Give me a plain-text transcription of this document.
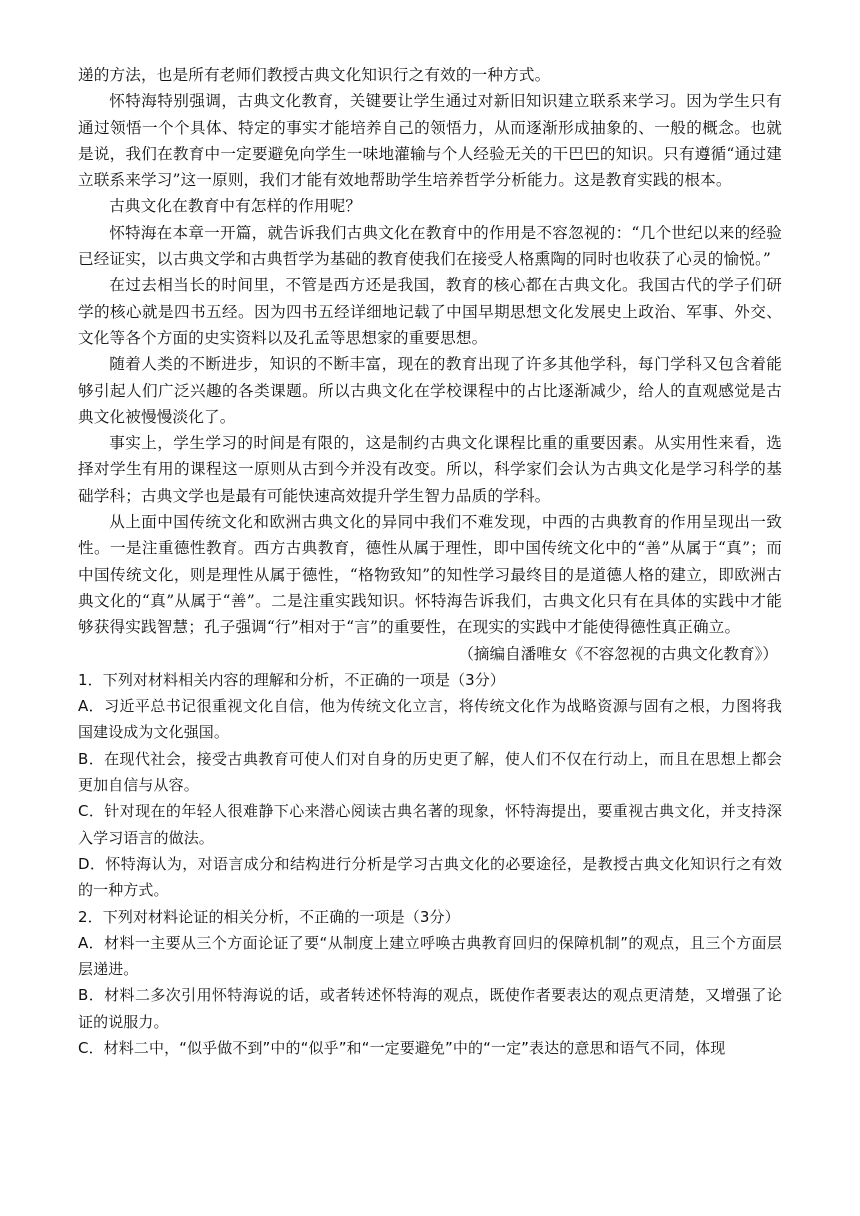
递的方法，也是所有老师们教授古典文化知识行之有效的一种方式。

怀特海特别强调，古典文化教育，关键要让学生通过对新旧知识建立联系来学习。因为学生只有通过领悟一个个具体、特定的事实才能培养自己的领悟力，从而逐渐形成抽象的、一般的概念。也就是说，我们在教育中一定要避免向学生一味地灌输与个人经验无关的干巴巴的知识。只有遵循“通过建立联系来学习”这一原则，我们才能有效地帮助学生培养哲学分析能力。这是教育实践的根本。

古典文化在教育中有怎样的作用呢？

怀特海在本章一开篇，就告诉我们古典文化在教育中的作用是不容忽视的：“几个世纪以来的经验已经证实，以古典文学和古典哲学为基础的教育使我们在接受人格熏陶的同时也收获了心灵的愉悦。”

在过去相当长的时间里，不管是西方还是我国，教育的核心都在古典文化。我国古代的学子们研学的核心就是四书五经。因为四书五经详细地记载了中国早期思想文化发展史上政治、军事、外交、文化等各个方面的史实资料以及孔孟等思想家的重要思想。

随着人类的不断进步，知识的不断丰富，现在的教育出现了许多其他学科，每门学科又包含着能够引起人们广泛兴趣的各类课题。所以古典文化在学校课程中的占比逐渐减少，给人的直观感觉是古典文化被慢慢淡化了。

事实上，学生学习的时间是有限的，这是制约古典文化课程比重的重要因素。从实用性来看，选择对学生有用的课程这一原则从古到今并没有改变。所以，科学家们会认为古典文化是学习科学的基础学科；古典文学也是最有可能快速高效提升学生智力品质的学科。

从上面中国传统文化和欧洲古典文化的异同中我们不难发现，中西的古典教育的作用呈现出一致性。一是注重德性教育。西方古典教育，德性从属于理性，即中国传统文化中的“善”从属于“真”；而中国传统文化，则是理性从属于德性，“格物致知”的知性学习最终目的是道德人格的建立，即欧洲古典文化的“真”从属于“善”。二是注重实践知识。怀特海告诉我们，古典文化只有在具体的实践中才能够获得实践智慧；孔子强调“行”相对于“言”的重要性，在现实的实践中才能使得德性真正确立。

（摘编自潘唯女《不容忽视的古典文化教育》）

1．下列对材料相关内容的理解和分析，不正确的一项是（3分）

A．习近平总书记很重视文化自信，他为传统文化立言，将传统文化作为战略资源与固有之根，力图将我国建设成为文化强国。

B．在现代社会，接受古典教育可使人们对自身的历史更了解，使人们不仅在行动上，而且在思想上都会更加自信与从容。

C．针对现在的年轻人很难静下心来潜心阅读古典名著的现象，怀特海提出，要重视古典文化，并支持深入学习语言的做法。

D．怀特海认为，对语言成分和结构进行分析是学习古典文化的必要途径，是教授古典文化知识行之有效的一种方式。

2．下列对材料论证的相关分析，不正确的一项是（3分）

A．材料一主要从三个方面论证了要“从制度上建立呼唤古典教育回归的保障机制”的观点，且三个方面层层递进。

B．材料二多次引用怀特海说的话，或者转述怀特海的观点，既使作者要表达的观点更清楚，又增强了论证的说服力。

C．材料二中，“似乎做不到”中的“似乎”和“一定要避免”中的“一定”表达的意思和语气不同，体现
